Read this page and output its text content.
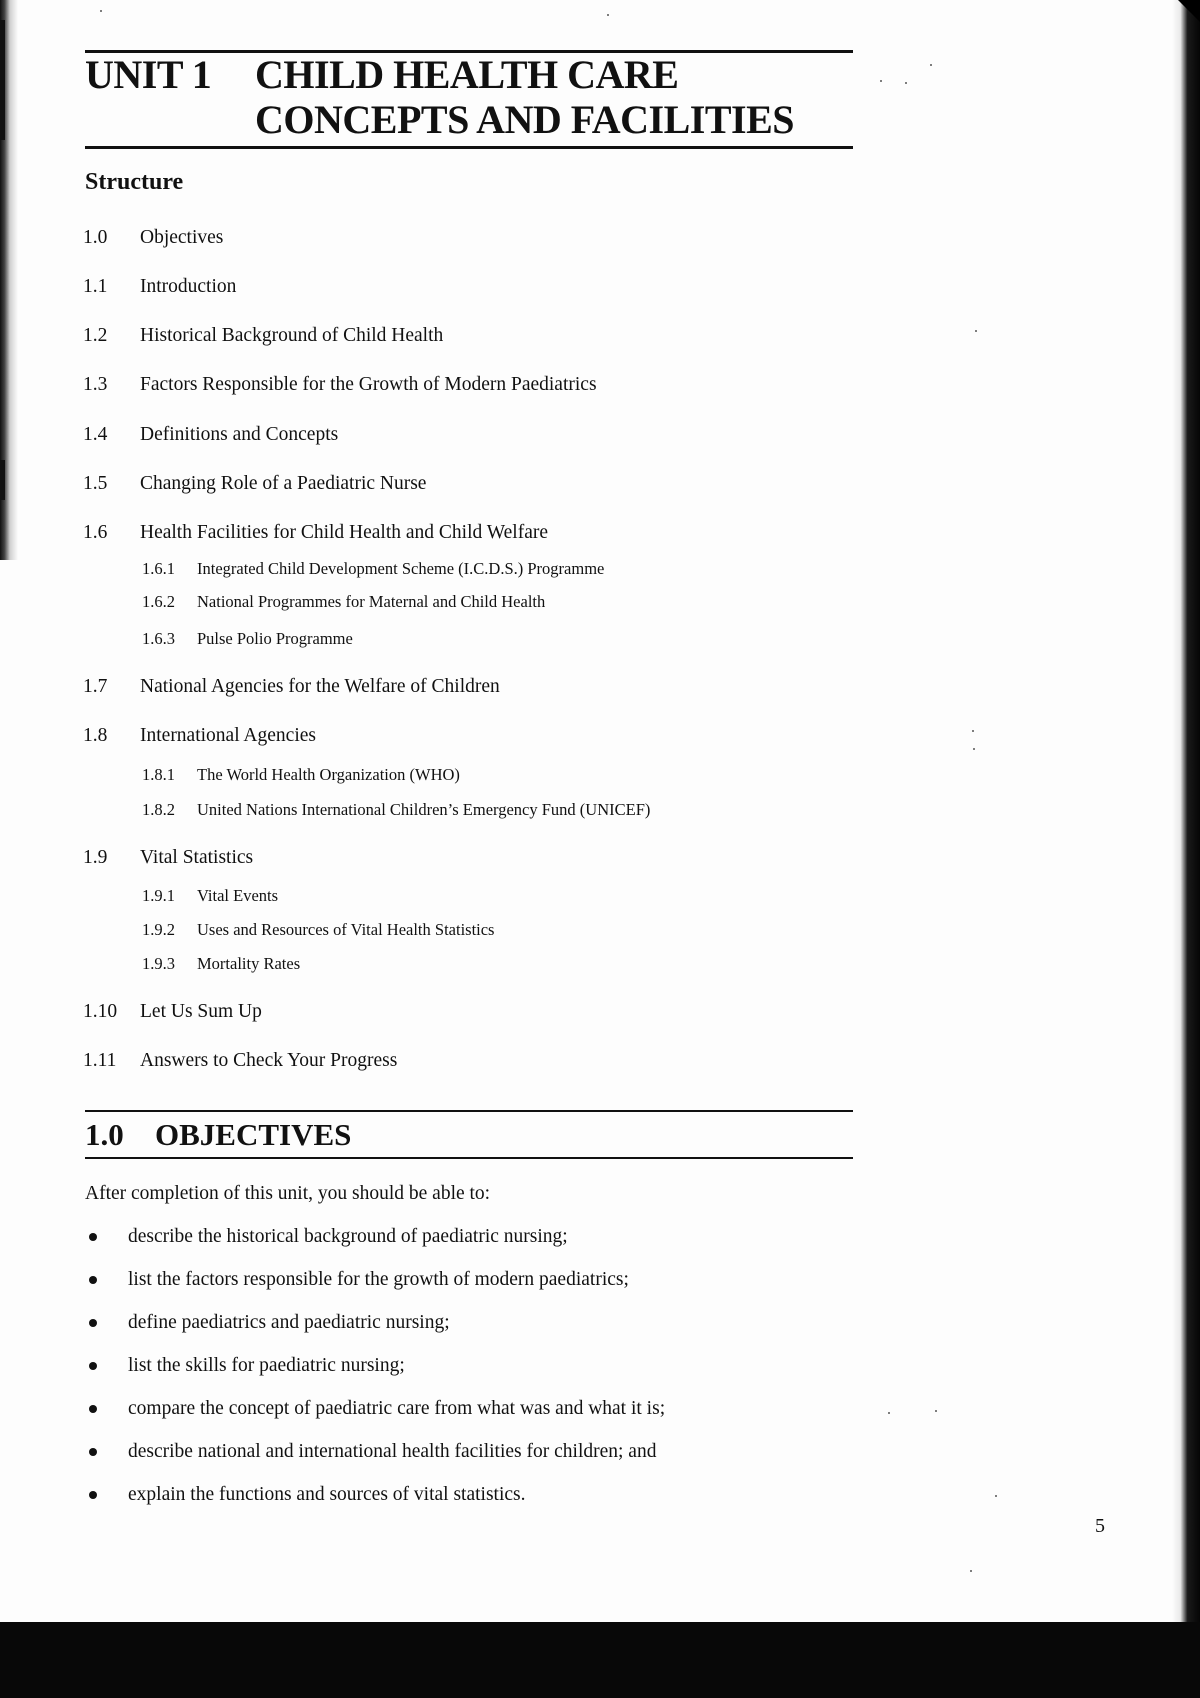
UNIT 1 CHILD HEALTH CARE
CONCEPTS AND FACILITIES
Structure
1.0 Objectives
1.1 Introduction
1.2 Historical Background of Child Health
1.3 Factors Responsible for the Growth of Modern Paediatrics
1.4 Definitions and Concepts
1.5 Changing Role of a Paediatric Nurse
1.6 Health Facilities for Child Health and Child Welfare
1.6.1 Integrated Child Development Scheme (I.C.D.S.) Programme
1.6.2 National Programmes for Maternal and Child Health
1.6.3 Pulse Polio Programme
1.7 National Agencies for the Welfare of Children
1.8 International Agencies
1.8.1 The World Health Organization (WHO)
1.8.2 United Nations International Children’s Emergency Fund (UNICEF)
1.9 Vital Statistics
1.9.1 Vital Events
1.9.2 Uses and Resources of Vital Health Statistics
1.9.3 Mortality Rates
1.10 Let Us Sum Up
1.11 Answers to Check Your Progress
1.0 OBJECTIVES

After completion of this unit, you should be able to:

describe the historical background of paediatric nursing;
list the factors responsible for the growth of modern paediatrics;
define paediatrics and paediatric nursing;
list the skills for paediatric nursing;
compare the concept of paediatric care from what was and what it is;
describe national and international health facilities for children; and
explain the functions and sources of vital statistics.
5
